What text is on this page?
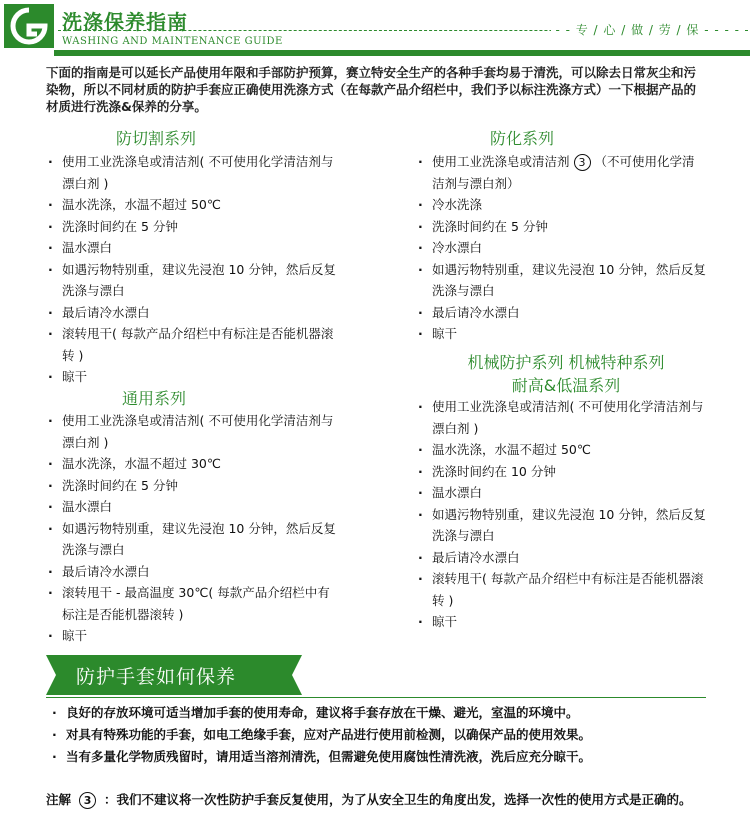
洗涤保养指南
WASHING AND MAINTENANCE GUIDE
- - 专 / 心 / 做 / 劳 / 保 - - - -
下面的指南是可以延长产品使用年限和手部防护预算，赛立特安全生产的各种手套均易于清洗，可以除去日常灰尘和污染物，所以不同材质的防护手套应正确使用洗涤方式（在每款产品介绍栏中，我们予以标注洗涤方式）一下根据产品的材质进行洗涤&保养的分享。
防切割系列
· 使用工业洗涤皂或清洁剂( 不可使用化学清洁剂与漂白剂 )
· 温水洗涤，水温不超过 50℃
· 洗涤时间约在 5 分钟
· 温水漂白
· 如遇污物特别重，建议先浸泡 10 分钟，然后反复洗涤与漂白
· 最后请冷水漂白
· 滚转甩干( 每款产品介绍栏中有标注是否能机器滚转 )
· 晾干
通用系列
· 使用工业洗涤皂或清洁剂( 不可使用化学清洁剂与漂白剂 )
· 温水洗涤，水温不超过 30℃
· 洗涤时间约在 5 分钟
· 温水漂白
· 如遇污物特别重，建议先浸泡 10 分钟，然后反复洗涤与漂白
· 最后请冷水漂白
· 滚转甩干 - 最高温度 30℃( 每款产品介绍栏中有标注是否能机器滚转 )
· 晾干
防化系列
· 使用工业洗涤皂或清洁剂 3 （不可使用化学清洁剂与漂白剂）
· 冷水洗涤
· 洗涤时间约在 5 分钟
· 冷水漂白
· 如遇污物特别重，建议先浸泡 10 分钟，然后反复洗涤与漂白
· 最后请冷水漂白
· 晾干
机械防护系列 机械特种系列
耐高&低温系列
· 使用工业洗涤皂或清洁剂( 不可使用化学清洁剂与漂白剂 )
· 温水洗涤，水温不超过 50℃
· 洗涤时间约在 10 分钟
· 温水漂白
· 如遇污物特别重，建议先浸泡 10 分钟，然后反复洗涤与漂白
· 最后请冷水漂白
· 滚转甩干( 每款产品介绍栏中有标注是否能机器滚转 )
· 晾干
防护手套如何保养
· 良好的存放环境可适当增加手套的使用寿命，建议将手套存放在干燥、避光，室温的环境中。
· 对具有特殊功能的手套，如电工绝缘手套，应对产品进行使用前检测，以确保产品的使用效果。
· 当有多量化学物质残留时，请用适当溶剂清洗，但需避免使用腐蚀性清洗液，洗后应充分晾干。
注解 3 ：我们不建议将一次性防护手套反复使用，为了从安全卫生的角度出发，选择一次性的使用方式是正确的。
